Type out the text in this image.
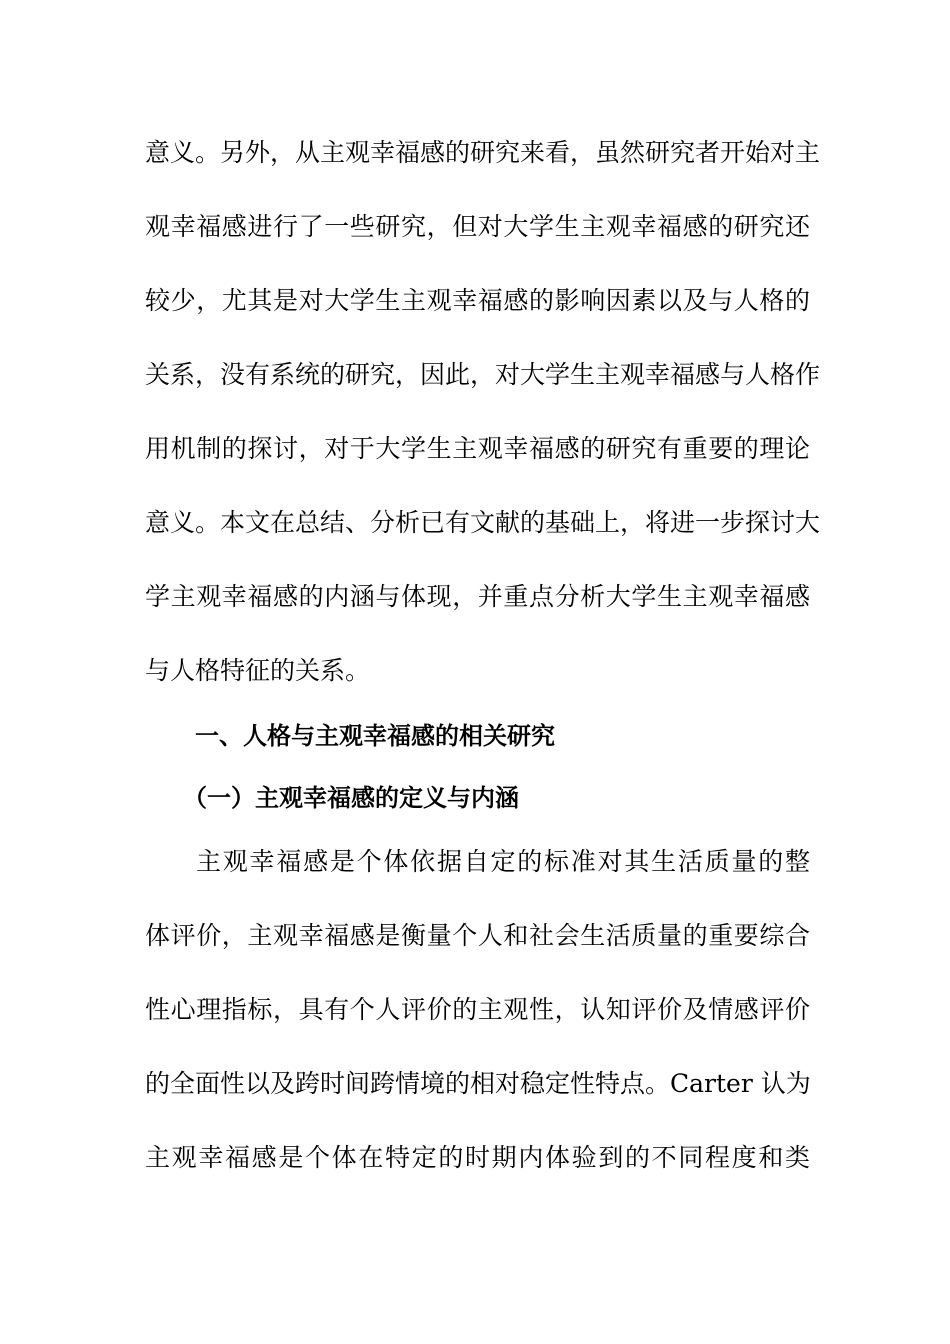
意义。另外，从主观幸福感的研究来看，虽然研究者开始对主
观幸福感进行了一些研究，但对大学生主观幸福感的研究还
较少，尤其是对大学生主观幸福感的影响因素以及与人格的
关系，没有系统的研究，因此，对大学生主观幸福感与人格作
用机制的探讨，对于大学生主观幸福感的研究有重要的理论
意义。本文在总结、分析已有文献的基础上，将进一步探讨大
学主观幸福感的内涵与体现，并重点分析大学生主观幸福感
与人格特征的关系。
一、人格与主观幸福感的相关研究
（一）主观幸福感的定义与内涵
主观幸福感是个体依据自定的标准对其生活质量的整
体评价，主观幸福感是衡量个人和社会生活质量的重要综合
性心理指标，具有个人评价的主观性，认知评价及情感评价
的全面性以及跨时间跨情境的相对稳定性特点。Carter 认为
主观幸福感是个体在特定的时期内体验到的不同程度和类
